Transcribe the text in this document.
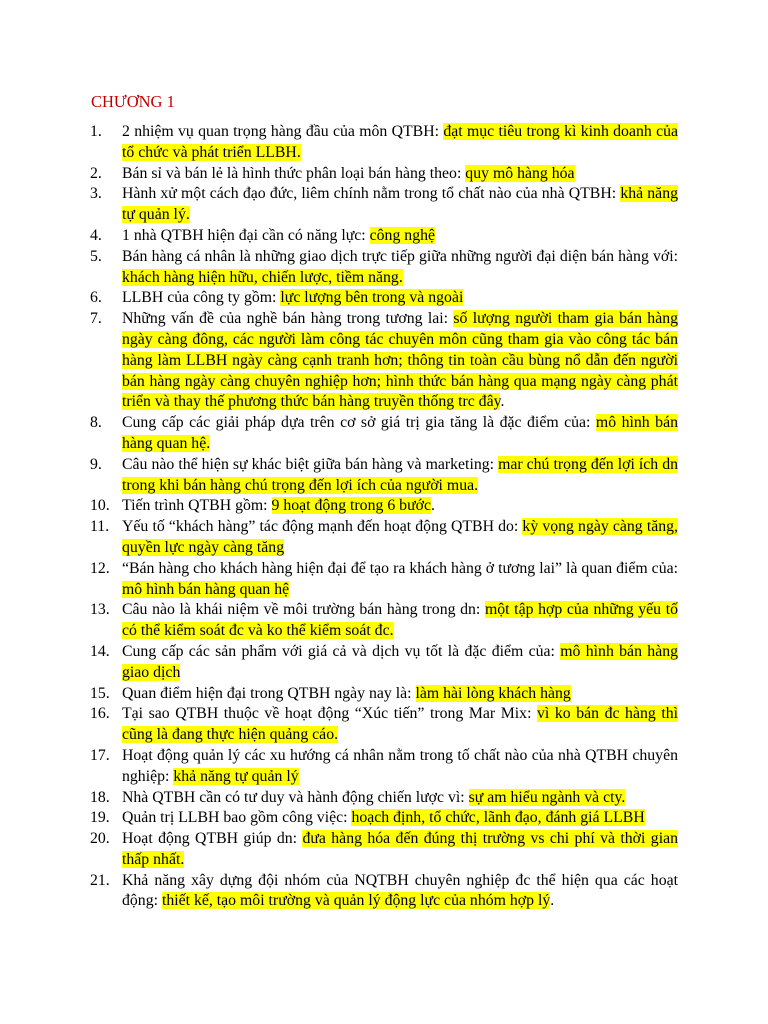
CHƯƠNG 1
1.	2 nhiệm vụ quan trọng hàng đầu của môn QTBH: đạt mục tiêu trong kì kinh doanh của tổ chức và phát triển LLBH.
2.	Bán sỉ và bán lẻ là hình thức phân loại bán hàng theo: quy mô hàng hóa
3.	Hành xử một cách đạo đức, liêm chính nằm trong tổ chất nào của nhà QTBH: khả năng tự quản lý.
4.	1 nhà QTBH hiện đại cần có năng lực: công nghệ
5.	Bán hàng cá nhân là những giao dịch trực tiếp giữa những người đại diện bán hàng với: khách hàng hiện hữu, chiến lược, tiềm năng.
6.	LLBH của công ty gồm: lực lượng bên trong và ngoài
7.	Những vấn đề của nghề bán hàng trong tương lai: số lượng người tham gia bán hàng ngày càng đông, các người làm công tác chuyên môn cũng tham gia vào công tác bán hàng làm LLBH ngày càng cạnh tranh hơn; thông tin toàn cầu bùng nổ dẫn đến người bán hàng ngày càng chuyên nghiệp hơn; hình thức bán hàng qua mạng ngày càng phát triển và thay thế phương thức bán hàng truyền thống trc đây.
8.	Cung cấp các giải pháp dựa trên cơ sở giá trị gia tăng là đặc điểm của: mô hình bán hàng quan hệ.
9.	Câu nào thể hiện sự khác biệt giữa bán hàng và marketing: mar chú trọng đến lợi ích dn trong khi bán hàng chú trọng đến lợi ích của người mua.
10. Tiến trình QTBH gồm: 9 hoạt động trong 6 bước.
11. Yếu tố “khách hàng” tác động mạnh đến hoạt động QTBH do: kỳ vọng ngày càng tăng, quyền lực ngày càng tăng
12. “Bán hàng cho khách hàng hiện đại để tạo ra khách hàng ở tương lai” là quan điểm của: mô hình bán hàng quan hệ
13. Câu nào là khái niệm về môi trường bán hàng trong dn: một tập hợp của những yếu tố có thể kiểm soát đc và ko thể kiểm soát đc.
14. Cung cấp các sản phẩm với giá cả và dịch vụ tốt là đặc điểm của: mô hình bán hàng giao dịch
15. Quan điểm hiện đại trong QTBH ngày nay là: làm hài lòng khách hàng
16. Tại sao QTBH thuộc về hoạt động “Xúc tiến” trong Mar Mix: vì ko bán đc hàng thì cũng là đang thực hiện quảng cáo.
17. Hoạt động quản lý các xu hướng cá nhân nằm trong tố chất nào của nhà QTBH chuyên nghiệp: khả năng tự quản lý
18. Nhà QTBH cần có tư duy và hành động chiến lược vì: sự am hiểu ngành và cty.
19. Quản trị LLBH bao gồm công việc: hoạch định, tổ chức, lãnh đạo, đánh giá LLBH
20. Hoạt động QTBH giúp dn: đưa hàng hóa đến đúng thị trường vs chi phí và thời gian thấp nhất.
21. Khả năng xây dựng đội nhóm của NQTBH chuyên nghiệp đc thể hiện qua các hoạt động: thiết kế, tạo môi trường và quản lý động lực của nhóm hợp lý.
